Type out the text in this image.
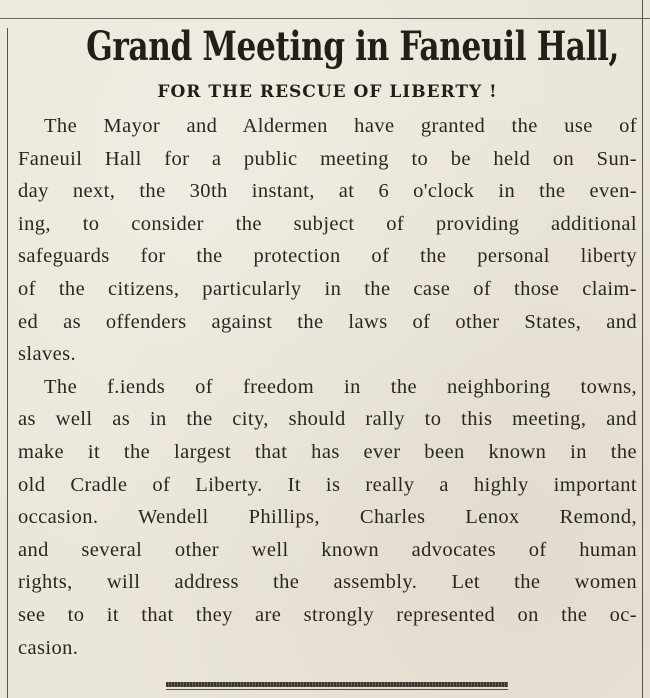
Grand Meeting in Faneuil Hall,
FOR THE RESCUE OF LIBERTY !
The Mayor and Aldermen have granted the use of
Faneuil Hall for a public meeting to be held on Sun-
day next, the 30th instant, at 6 o'clock in the even-
ing, to consider the subject of providing additional
safeguards for the protection of the personal liberty
of the citizens, particularly in the case of those claim-
ed as offenders against the laws of other States, and
slaves.
The f.iends of freedom in the neighboring towns,
as well as in the city, should rally to this meeting, and
make it the largest that has ever been known in the
old Cradle of Liberty. It is really a highly important
occasion. Wendell Phillips, Charles Lenox Remond,
and several other well known advocates of human
rights, will address the assembly. Let the women
see to it that they are strongly represented on the oc-
casion.
